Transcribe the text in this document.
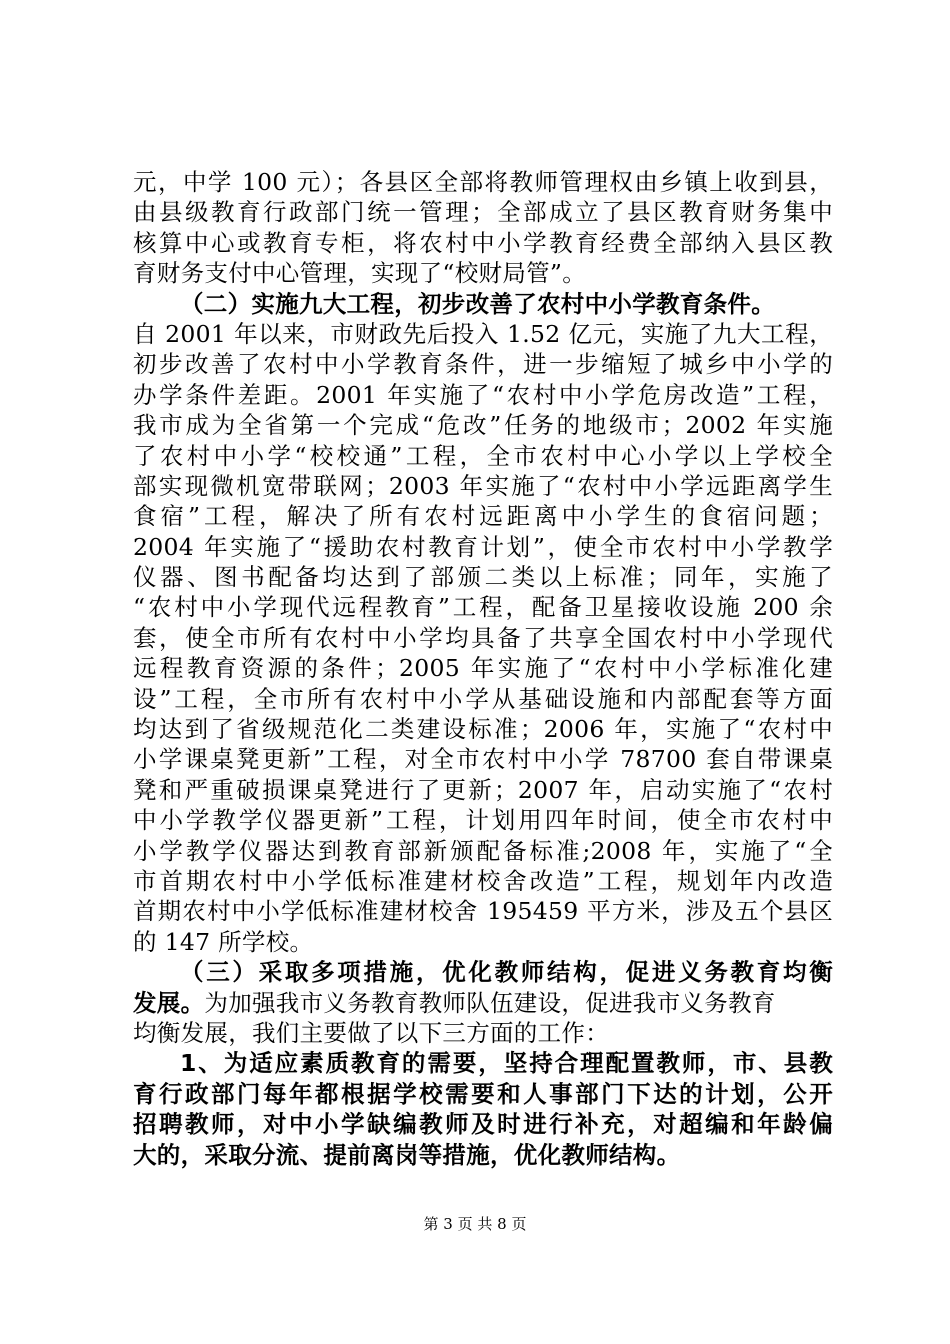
元，中学 100 元）；各县区全部将教师管理权由乡镇上收到县，
由县级教育行政部门统一管理；全部成立了县区教育财务集中
核算中心或教育专柜，将农村中小学教育经费全部纳入县区教
育财务支付中心管理，实现了“校财局管”。
（二）实施九大工程，初步改善了农村中小学教育条件。
自 2001 年以来，市财政先后投入 1.52 亿元，实施了九大工程，
初步改善了农村中小学教育条件，进一步缩短了城乡中小学的
办学条件差距。2001 年实施了“农村中小学危房改造”工程，
我市成为全省第一个完成“危改”任务的地级市；2002 年实施
了农村中小学“校校通”工程，全市农村中心小学以上学校全
部实现微机宽带联网；2003 年实施了“农村中小学远距离学生
食宿”工程，解决了所有农村远距离中小学生的食宿问题；
2004 年实施了“援助农村教育计划”，使全市农村中小学教学
仪器、图书配备均达到了部颁二类以上标准；同年，实施了
“农村中小学现代远程教育”工程，配备卫星接收设施 200 余
套，使全市所有农村中小学均具备了共享全国农村中小学现代
远程教育资源的条件；2005 年实施了“农村中小学标准化建
设”工程，全市所有农村中小学从基础设施和内部配套等方面
均达到了省级规范化二类建设标准；2006 年，实施了“农村中
小学课桌凳更新”工程，对全市农村中小学 78700 套自带课桌
凳和严重破损课桌凳进行了更新；2007 年，启动实施了“农村
中小学教学仪器更新”工程，计划用四年时间，使全市农村中
小学教学仪器达到教育部新颁配备标准;2008 年，实施了“全
市首期农村中小学低标准建材校舍改造”工程，规划年内改造
首期农村中小学低标准建材校舍 195459 平方米，涉及五个县区
的 147 所学校。
（三）采取多项措施，优化教师结构，促进义务教育均衡
发展。为加强我市义务教育教师队伍建设，促进我市义务教育
均衡发展，我们主要做了以下三方面的工作：
1、为适应素质教育的需要，坚持合理配置教师，市、县教
育行政部门每年都根据学校需要和人事部门下达的计划，公开
招聘教师，对中小学缺编教师及时进行补充，对超编和年龄偏
大的，采取分流、提前离岗等措施，优化教师结构。
第 3 页 共 8 页
